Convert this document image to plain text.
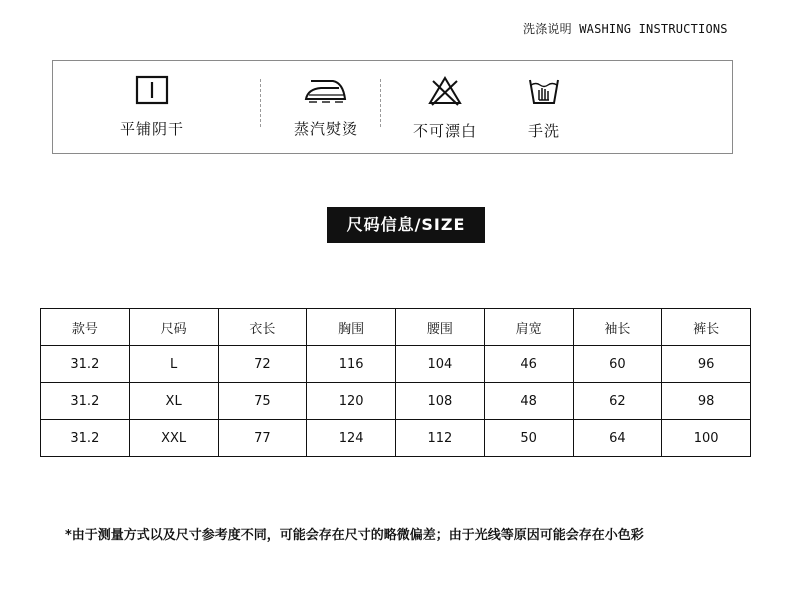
洗涤说明 WASHING INSTRUCTIONS
平铺阴干	蒸汽熨烫	不可漂白	手洗
尺码信息/SIZE
款号	尺码	衣长	胸围	腰围	肩宽	袖长	裤长
31.2	L	72	116	104	46	60	96
31.2	XL	75	120	108	48	62	98
31.2	XXL	77	124	112	50	64	100
*由于测量方式以及尺寸参考度不同，可能会存在尺寸的略微偏差；由于光线等原因可能会存在小色彩
